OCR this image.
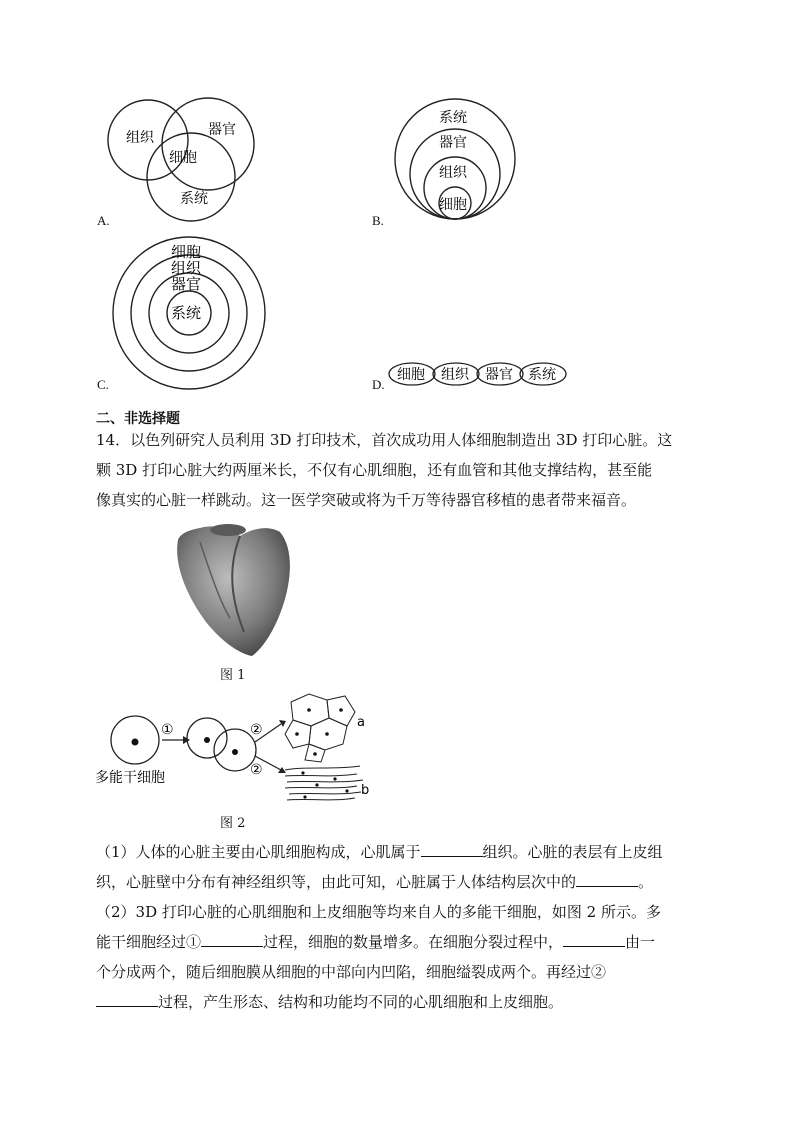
组织	器官
细胞
系统
A.
系统
器官
组织
细胞
B.
细胞
组织
器官
系统
C.
细胞 组织 器官 系统
D.
二、非选择题
14．以色列研究人员利用 3D 打印技术，首次成功用人体细胞制造出 3D 打印心脏。这
颗 3D 打印心脏大约两厘米长，不仅有心肌细胞，还有血管和其他支撑结构，甚至能
像真实的心脏一样跳动。这一医学突破或将为千万等待器官移植的患者带来福音。
图 1
①	②
②
a
b
多能干细胞
图 2
（1）人体的心脏主要由心肌细胞构成，心肌属于	组织。心脏的表层有上皮组
织，心脏壁中分布有神经组织等，由此可知，心脏属于人体结构层次中的	。
（2）3D 打印心脏的心肌细胞和上皮细胞等均来自人的多能干细胞，如图 2 所示。多
能干细胞经过①	过程，细胞的数量增多。在细胞分裂过程中，	由一
个分成两个，随后细胞膜从细胞的中部向内凹陷，细胞缢裂成两个。再经过②
过程，产生形态、结构和功能均不同的心肌细胞和上皮细胞。
